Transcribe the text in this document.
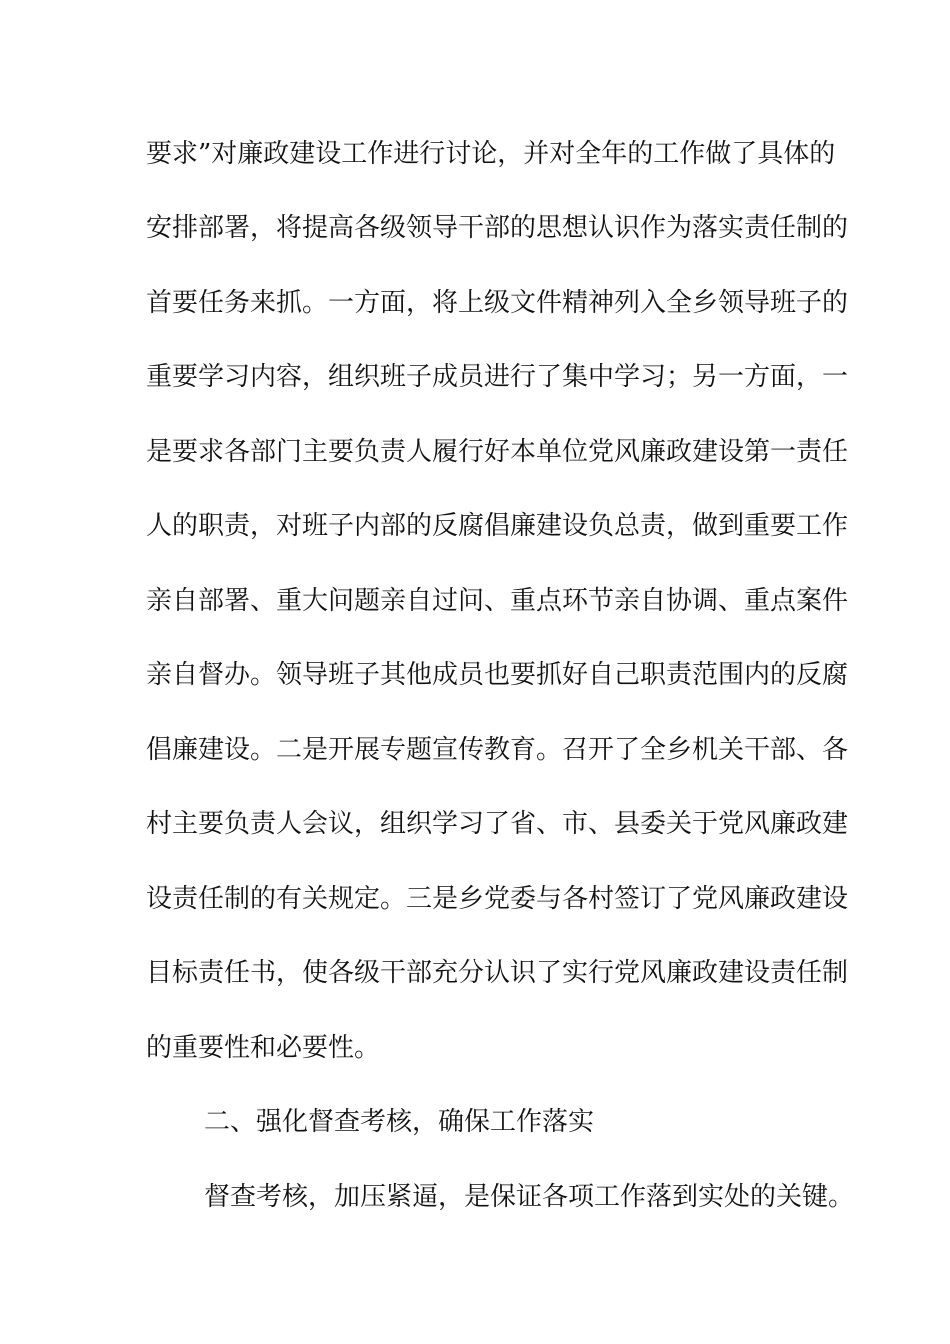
要求”对廉政建设工作进行讨论，并对全年的工作做了具体的
安排部署，将提高各级领导干部的思想认识作为落实责任制的
首要任务来抓。一方面，将上级文件精神列入全乡领导班子的
重要学习内容，组织班子成员进行了集中学习；另一方面，一
是要求各部门主要负责人履行好本单位党风廉政建设第一责任
人的职责，对班子内部的反腐倡廉建设负总责，做到重要工作
亲自部署、重大问题亲自过问、重点环节亲自协调、重点案件
亲自督办。领导班子其他成员也要抓好自己职责范围内的反腐
倡廉建设。二是开展专题宣传教育。召开了全乡机关干部、各
村主要负责人会议，组织学习了省、市、县委关于党风廉政建
设责任制的有关规定。三是乡党委与各村签订了党风廉政建设
目标责任书，使各级干部充分认识了实行党风廉政建设责任制
的重要性和必要性。
二、强化督查考核，确保工作落实
督查考核，加压紧逼，是保证各项工作落到实处的关键。
